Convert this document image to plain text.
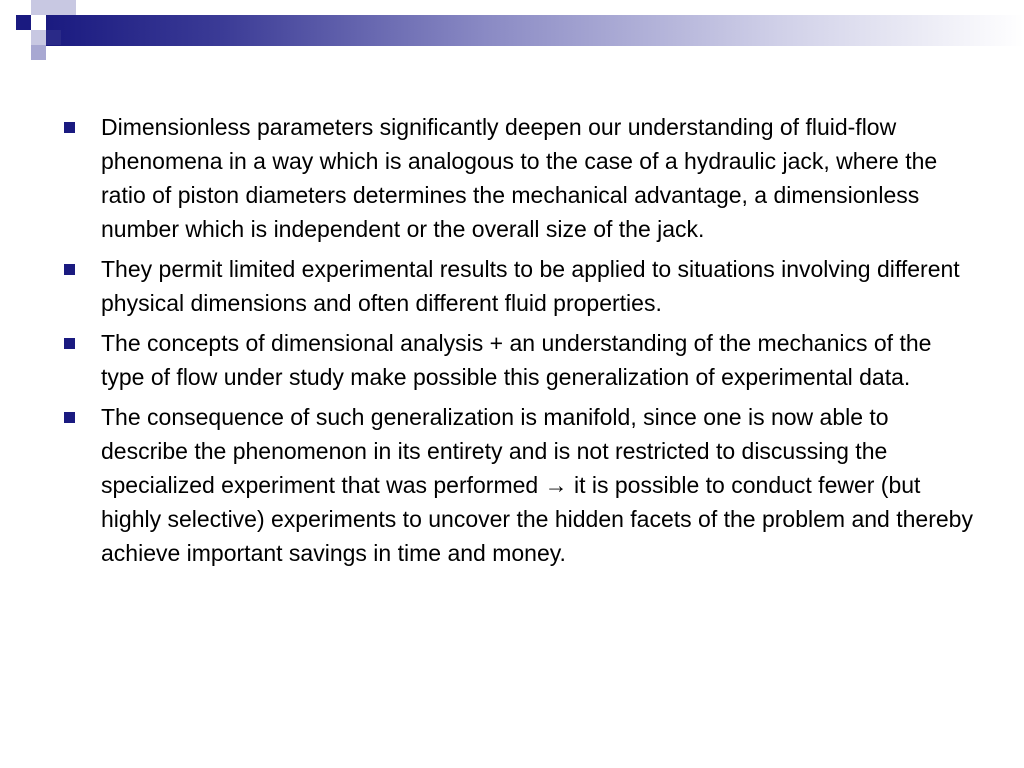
Dimensionless parameters significantly deepen our understanding of fluid-flow phenomena in a way which is analogous to the case of a hydraulic jack, where the ratio of piston diameters determines the mechanical advantage, a dimensionless number which is independent or the overall size of the jack.
They permit limited experimental results to be applied to situations involving different physical dimensions and often different fluid properties.
The concepts of dimensional analysis + an understanding of the mechanics of the type of flow under study make possible this generalization of experimental data.
The consequence of such generalization is manifold, since one is now able to describe the phenomenon in its entirety and is not restricted to discussing the specialized experiment that was performed → it is possible to conduct fewer (but highly selective) experiments to uncover the hidden facets of the problem and thereby achieve important savings in time and money.
